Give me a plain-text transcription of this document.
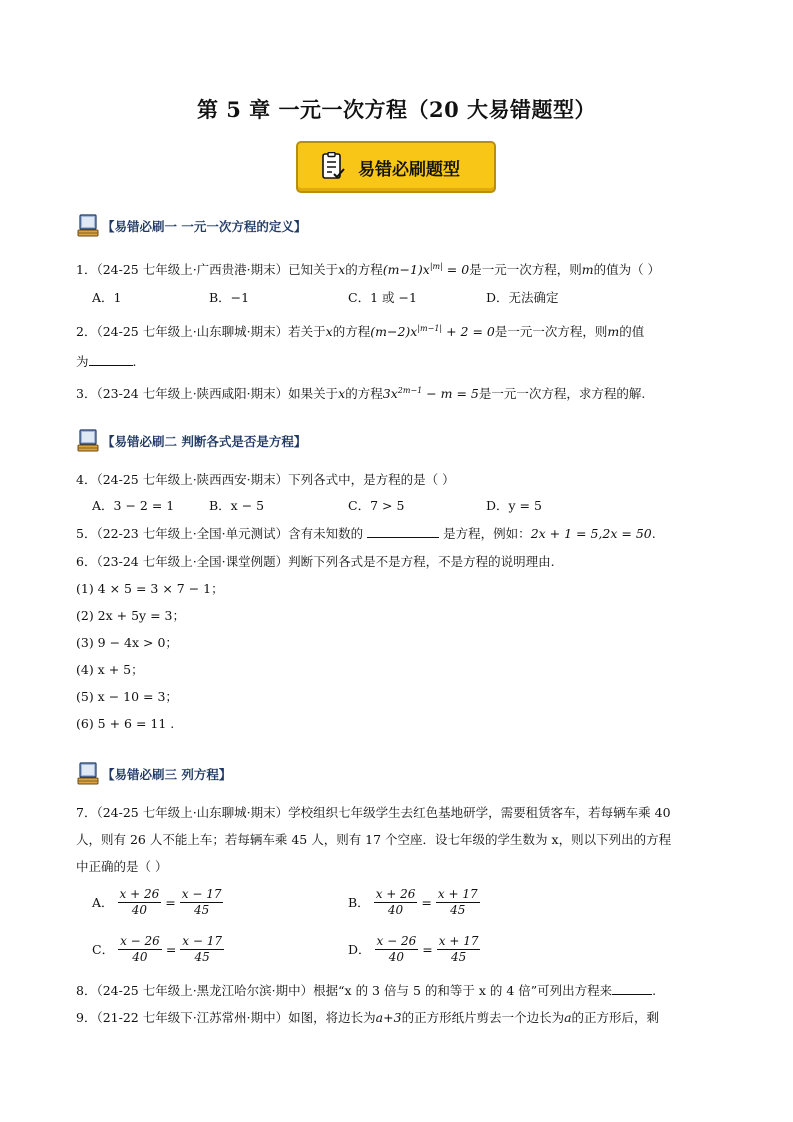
第 5 章 一元一次方程（20 大易错题型）
易错必刷题型
【易错必刷一 一元一次方程的定义】
1．（24-25 七年级上·广西贵港·期末）已知关于x的方程$(m-1)x^{|m|} = 0$是一元一次方程，则m的值为（ ）
A．1	B．−1	C．1 或 −1	D．无法确定
2．（24-25 七年级上·山东聊城·期末）若关于x的方程$(m-2)x^{|m-1|} + 2 = 0$是一元一次方程，则m的值
为	.
3．（23-24 七年级上·陕西咸阳·期末）如果关于x的方程$3x^{2m-1} - m = 5$是一元一次方程，求方程的解.
【易错必刷二 判断各式是否是方程】
4．（24-25 七年级上·陕西西安·期末）下列各式中，是方程的是（ ）
A．3 − 2 = 1	B．x − 5	C．7 > 5	D．y = 5
5．（22-23 七年级上·全国·单元测试）含有未知数的	是方程，例如：2x + 1 = 5,2x = 50.
6．（23-24 七年级上·全国·课堂例题）判断下列各式是不是方程，不是方程的说明理由.
(1) 4 × 5 = 3 × 7 − 1；
(2) 2x + 5y = 3；
(3) 9 − 4x > 0；
(4) x + 5；
(5) x − 10 = 3；
(6) 5 + 6 = 11 .
【易错必刷三 列方程】
7．（24-25 七年级上·山东聊城·期末）学校组织七年级学生去红色基地研学，需要租赁客车，若每辆车乘 40
人，则有 26 人不能上车；若每辆车乘 45 人，则有 17 个空座．设七年级的学生数为 x，则以下列出的方程
中正确的是（ ）
A． $\frac{x + 26}{40} = \frac{x - 17}{45}$	B． $\frac{x + 26}{40} = \frac{x + 17}{45}$
C． $\frac{x - 26}{40} = \frac{x - 17}{45}$	D． $\frac{x - 26}{40} = \frac{x + 17}{45}$
8．（24-25 七年级上·黑龙江哈尔滨·期中）根据“x 的 3 倍与 5 的和等于 x 的 4 倍”可列出方程来	.
9．（21-22 七年级下·江苏常州·期中）如图，将边长为a+3的正方形纸片剪去一个边长为a的正方形后，剩
